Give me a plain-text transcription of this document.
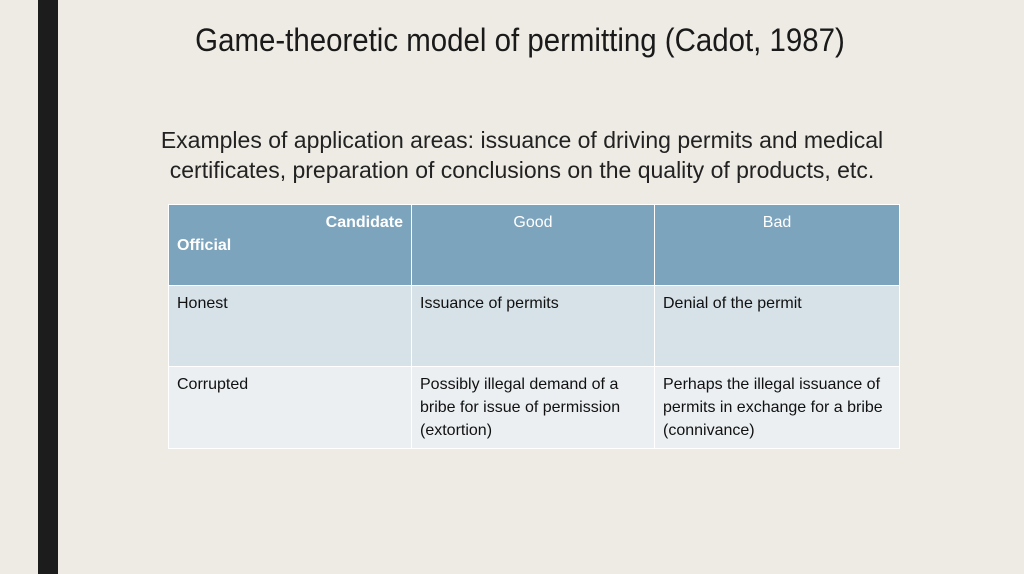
Game-theoretic model of permitting (Cadot, 1987)
Examples of application areas: issuance of driving permits and medical
certificates, preparation of conclusions on the quality of products, etc.
Candidate
Official	Good	Bad
Honest	Issuance of permits	Denial of the permit
Corrupted	Possibly illegal demand of a bribe for issue of permission (extortion)	Perhaps the illegal issuance of permits in exchange for a bribe (connivance)
